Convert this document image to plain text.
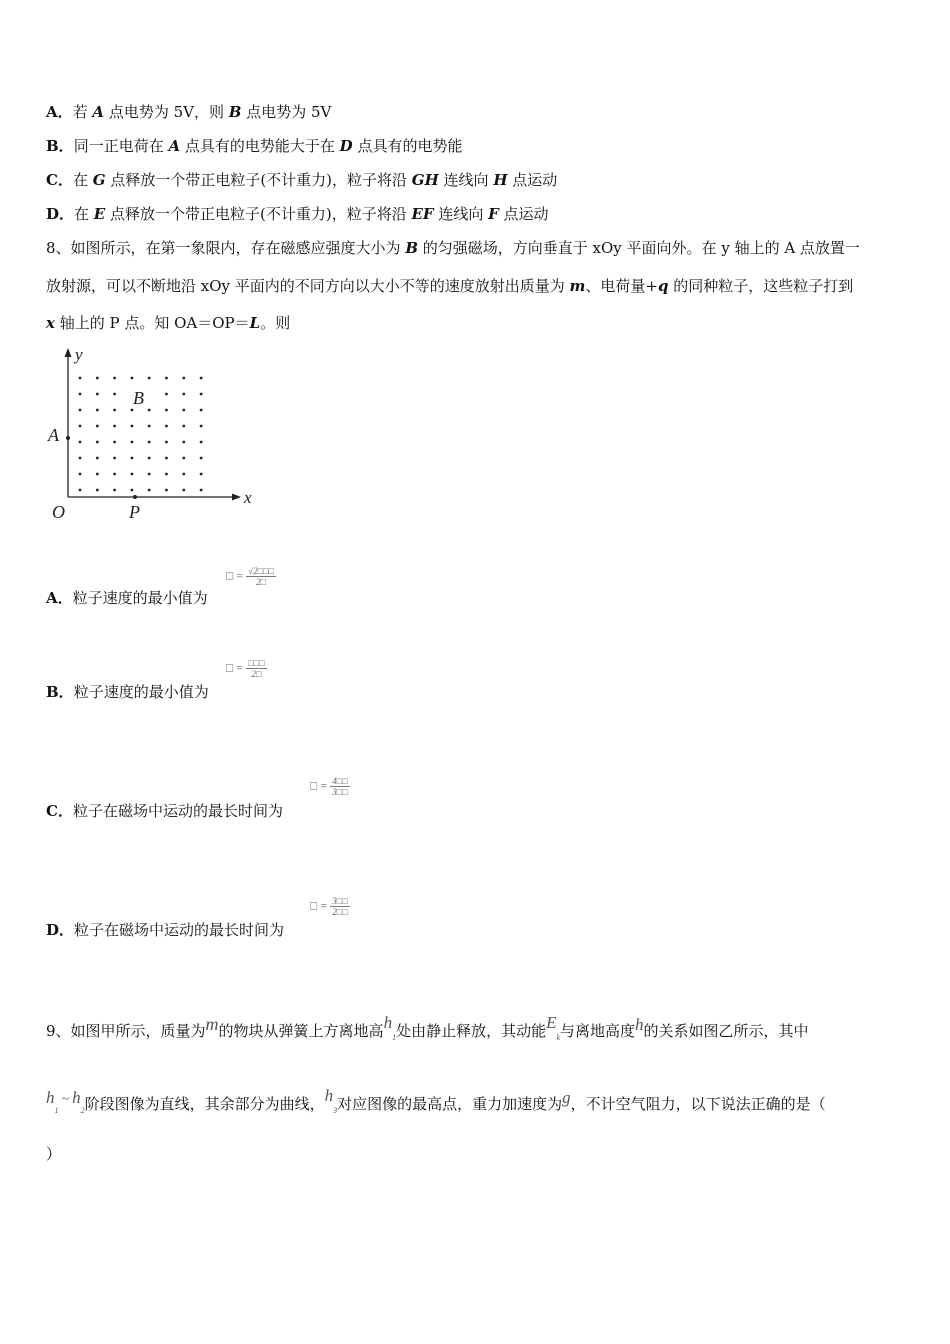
A．若 A 点电势为 5V，则 B 点电势为 5V
B．同一正电荷在 A 点具有的电势能大于在 D 点具有的电势能
C．在 G 点释放一个带正电粒子(不计重力)，粒子将沿 GH 连线向 H 点运动
D．在 E 点释放一个带正电粒子(不计重力)，粒子将沿 EF 连线向 F 点运动
8、如图所示，在第一象限内，存在磁感应强度大小为 B 的匀强磁场，方向垂直于 xOy 平面向外。在 y 轴上的 A 点放置一
放射源，可以不断地沿 xOy 平面内的不同方向以大小不等的速度放射出质量为 m、电荷量+q 的同种粒子，这些粒子打到
x 轴上的 P 点。知 OA＝OP＝L。则
y
x
A
B
O	P
A．粒子速度的最小值为
□ = $\frac{√2□□□}{2□}$
B．粒子速度的最小值为
□ = $\frac{□□□}{2□}$
C．粒子在磁场中运动的最长时间为
□ = $\frac{4□□}{3□□}$
D．粒子在磁场中运动的最长时间为
□ = $\frac{3□□}{2□□}$
9、如图甲所示，质量为m的物块从弹簧上方离地高$h_1$处由静止释放，其动能$E_k$与离地高度h的关系如图乙所示，其中
$h_1\sim$ $h_2$阶段图像为直线，其余部分为曲线，$h_3$对应图像的最高点，重力加速度为g，不计空气阻力，以下说法正确的是（
）
